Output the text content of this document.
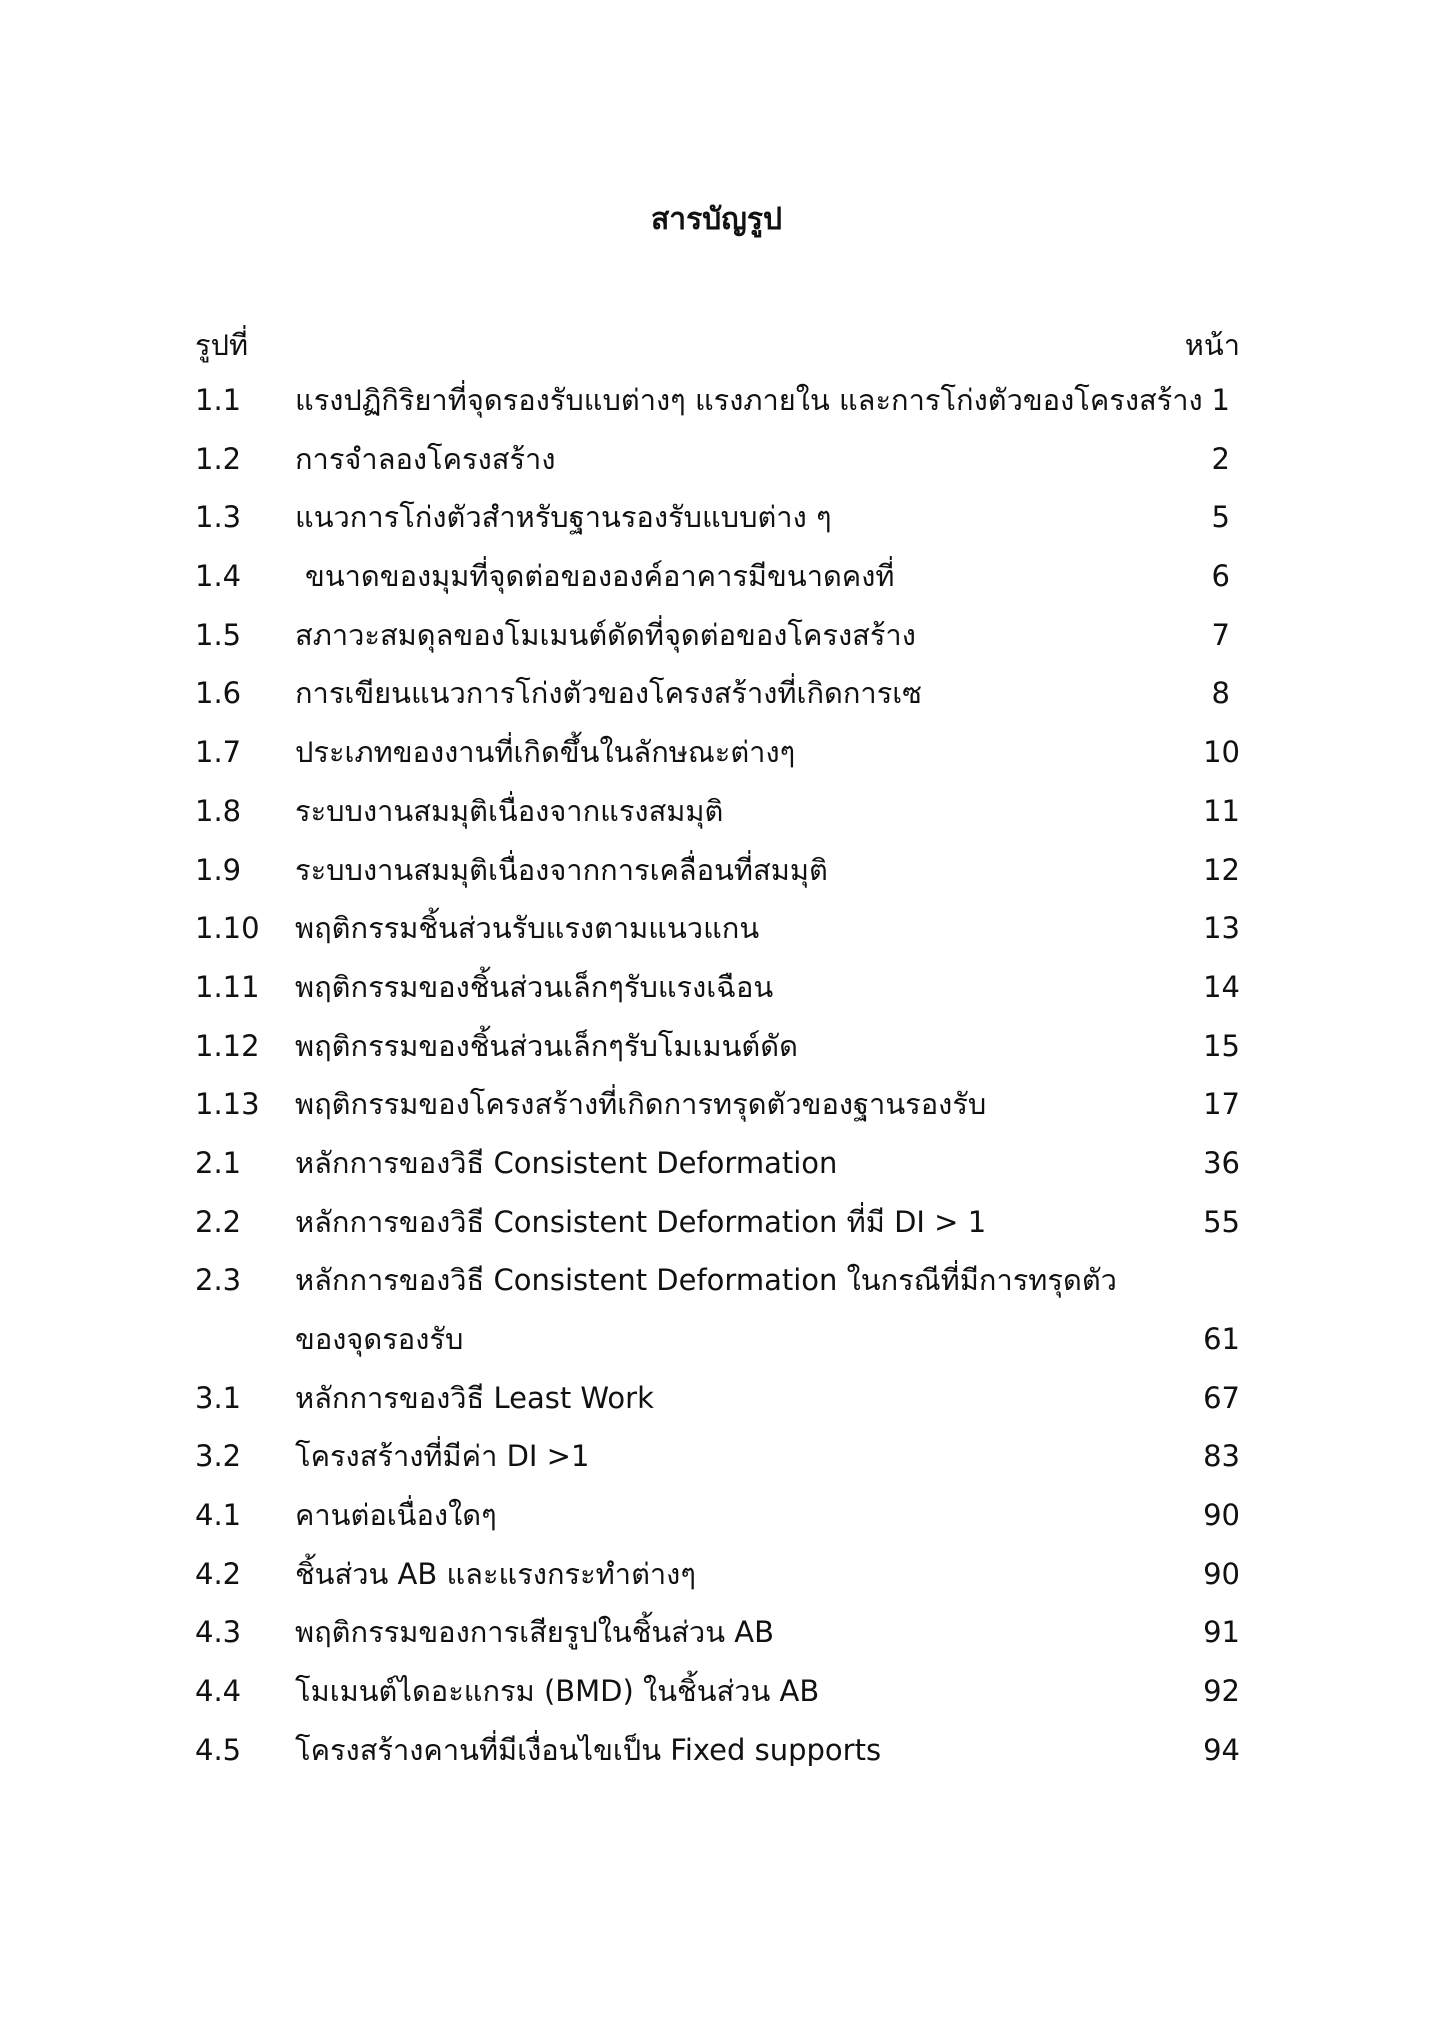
สารบัญรูป
รูปที่	หน้า
1.1	แรงปฏิกิริยาที่จุดรองรับแบต่างๆ แรงภายใน และการโก่งตัวของโครงสร้าง 1
1.2	การจำลองโครงสร้าง	2
1.3	แนวการโก่งตัวสำหรับฐานรองรับแบบต่าง ๆ	5
1.4	ขนาดของมุมที่จุดต่อขององค์อาคารมีขนาดคงที่	6
1.5	สภาวะสมดุลของโมเมนต์ดัดที่จุดต่อของโครงสร้าง	7
1.6	การเขียนแนวการโก่งตัวของโครงสร้างที่เกิดการเซ	8
1.7	ประเภทของงานที่เกิดขึ้นในลักษณะต่างๆ	10
1.8	ระบบงานสมมุติเนื่องจากแรงสมมุติ	11
1.9	ระบบงานสมมุติเนื่องจากการเคลื่อนที่สมมุติ	12
1.10	พฤติกรรมชิ้นส่วนรับแรงตามแนวแกน	13
1.11	พฤติกรรมของชิ้นส่วนเล็กๆรับแรงเฉือน	14
1.12	พฤติกรรมของชิ้นส่วนเล็กๆรับโมเมนต์ดัด	15
1.13	พฤติกรรมของโครงสร้างที่เกิดการทรุดตัวของฐานรองรับ	17
2.1	หลักการของวิธี Consistent Deformation	36
2.2	หลักการของวิธี Consistent Deformation ที่มี DI > 1	55
2.3	หลักการของวิธี Consistent Deformation ในกรณีที่มีการทรุดตัว
ของจุดรองรับ	61
3.1	หลักการของวิธี Least Work	67
3.2	โครงสร้างที่มีค่า DI >1	83
4.1	คานต่อเนื่องใดๆ	90
4.2	ชิ้นส่วน AB และแรงกระทำต่างๆ	90
4.3	พฤติกรรมของการเสียรูปในชิ้นส่วน AB	91
4.4	โมเมนต์ไดอะแกรม (BMD) ในชิ้นส่วน AB	92
4.5	โครงสร้างคานที่มีเงื่อนไขเป็น Fixed supports	94
